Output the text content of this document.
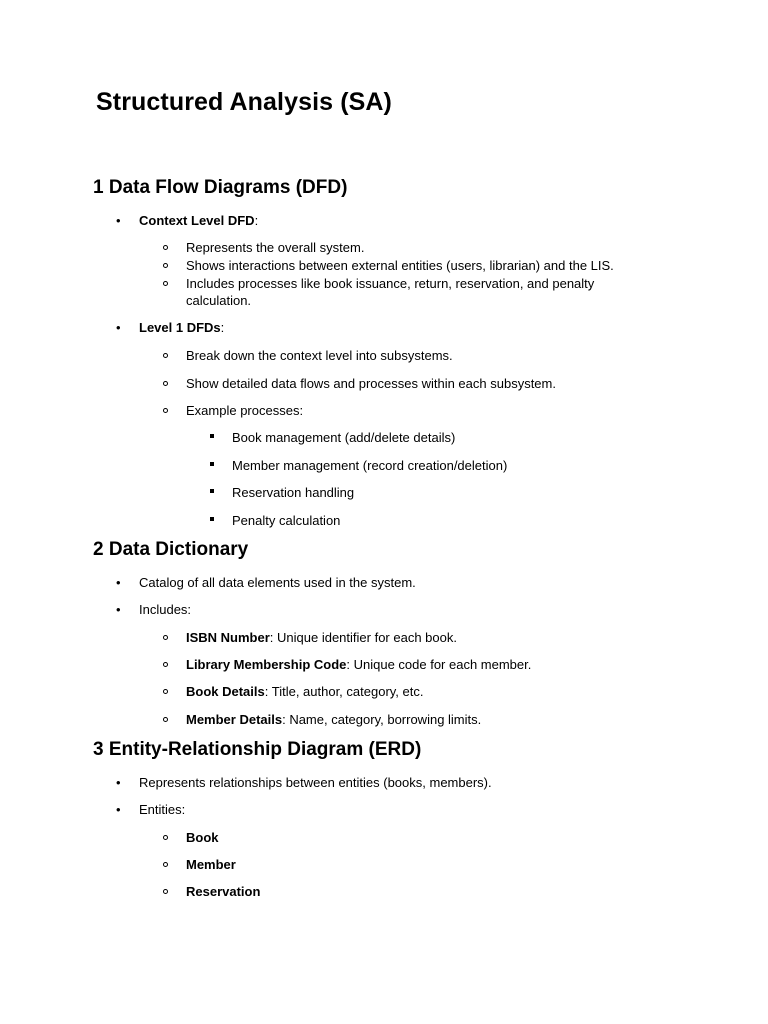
Structured Analysis (SA)
1 Data Flow Diagrams (DFD)
• Context Level DFD:
Represents the overall system.
Shows interactions between external entities (users, librarian) and the LIS.
Includes processes like book issuance, return, reservation, and penalty
calculation.
• Level 1 DFDs:
Break down the context level into subsystems.
Show detailed data flows and processes within each subsystem.
Example processes:
Book management (add/delete details)
Member management (record creation/deletion)
Reservation handling
Penalty calculation
2 Data Dictionary
• Catalog of all data elements used in the system.
• Includes:
ISBN Number: Unique identifier for each book.
Library Membership Code: Unique code for each member.
Book Details: Title, author, category, etc.
Member Details: Name, category, borrowing limits.
3 Entity-Relationship Diagram (ERD)
• Represents relationships between entities (books, members).
• Entities:
Book
Member
Reservation
